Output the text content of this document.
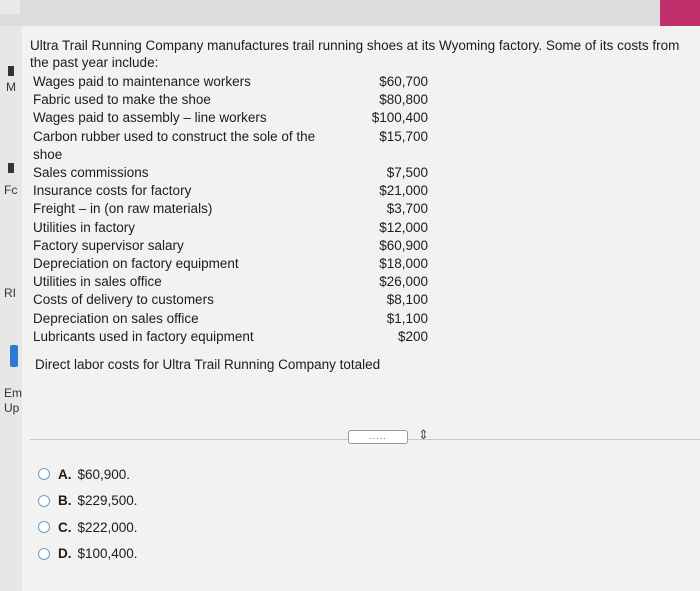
M
Fc
RI
Em
Up
Ultra Trail Running Company manufactures trail running shoes at its Wyoming factory. Some of its costs from the past year include:
Wages paid to maintenance workers	$60,700
Fabric used to make the shoe	$80,800
Wages paid to assembly – line workers	$100,400
Carbon rubber used to construct the sole of the shoe
$15,700
Sales commissions	$7,500
Insurance costs for factory	$21,000
Freight – in (on raw materials)	$3,700
Utilities in factory	$12,000
Factory supervisor salary	$60,900
Depreciation on factory equipment	$18,000
Utilities in sales office	$26,000
Costs of delivery to customers	$8,100
Depreciation on sales office	$1,100
Lubricants used in factory equipment	$200
Direct labor costs for Ultra Trail Running Company totaled
.....	⇕
A. $60,900.
B. $229,500.
C. $222,000.
D. $100,400.
